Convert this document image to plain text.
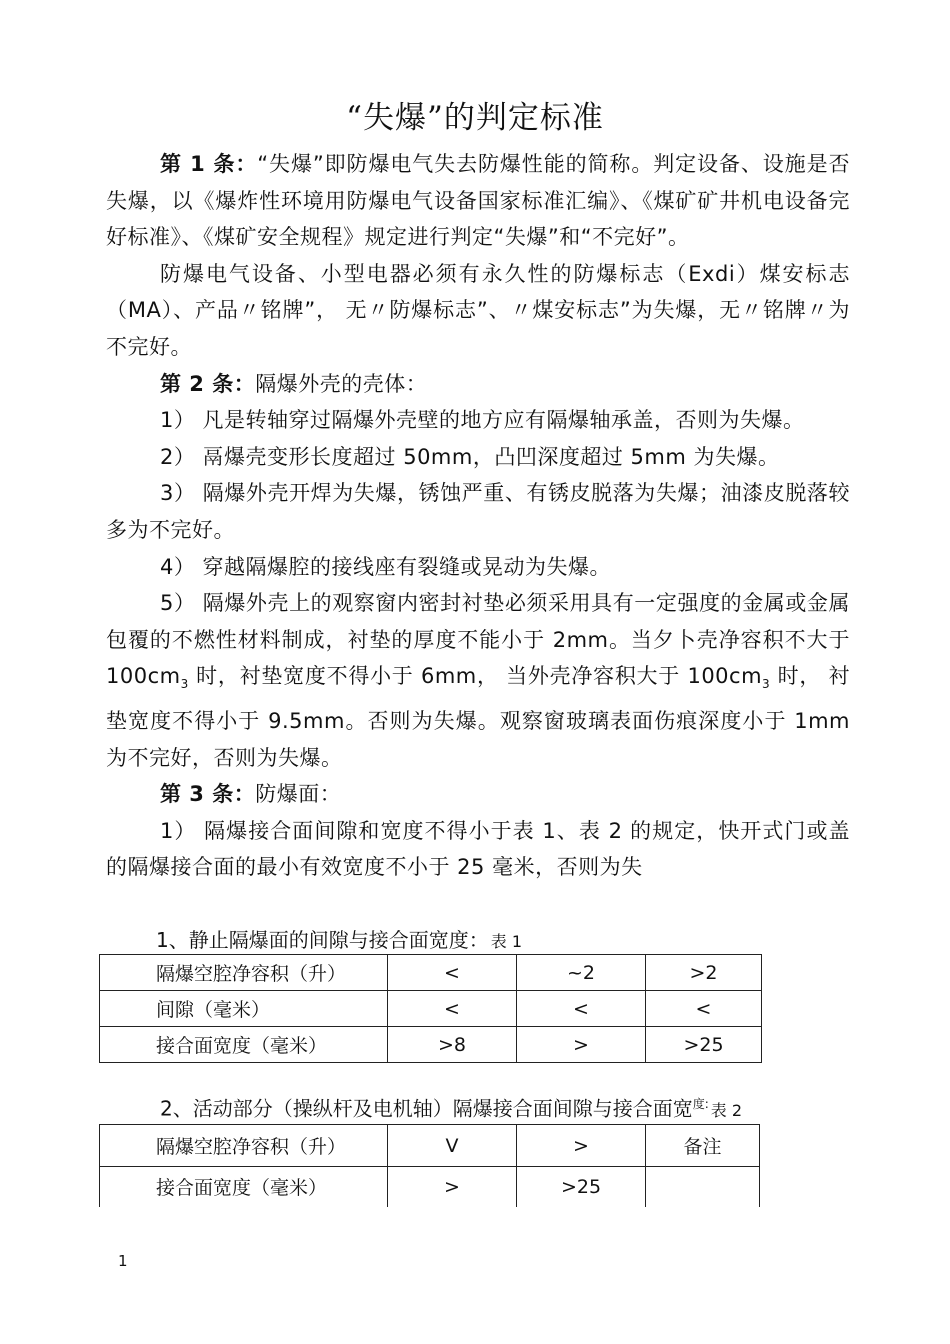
“失爆”的判定标准

第 1 条：“失爆”即防爆电气失去防爆性能的简称。判定设备、设施是否失爆，以《爆炸性环境用防爆电气设备国家标准汇编》、《煤矿矿井机电设备完好标准》、《煤矿安全规程》规定进行判定“失爆”和“不完好”。

防爆电气设备、小型电器必须有永久性的防爆标志（Exdi）煤安标志（MA）、产品〃铭牌”， 无〃防爆标志”、〃煤安标志”为失爆，无〃铭牌〃为不完好。

第 2 条：隔爆外壳的壳体：

1） 凡是转轴穿过隔爆外壳壁的地方应有隔爆轴承盖，否则为失爆。

2） 鬲爆壳变形长度超过 50mm，凸凹深度超过 5mm 为失爆。

3） 隔爆外壳开焊为失爆，锈蚀严重、有锈皮脱落为失爆；油漆皮脱落较多为不完好。

4） 穿越隔爆腔的接线座有裂缝或晃动为失爆。

5） 隔爆外壳上的观察窗内密封衬垫必须采用具有一定强度的金属或金属包覆的不燃性材料制成，衬垫的厚度不能小于 2mm。当夕卜壳净容积不大于 $100cm_3$ 时，衬垫宽度不得小于 6mm， 当外壳净容积大于 $100cm_3$ 时， 衬垫宽度不得小于 9.5mm。否则为失爆。观察窗玻璃表面伤痕深度小于 1mm 为不完好，否则为失爆。

第 3 条：防爆面：

1） 隔爆接合面间隙和宽度不得小于表 1、表 2 的规定，快开式门或盖的隔爆接合面的最小有效宽度不小于 25 毫米，否则为失

1、静止隔爆面的间隙与接合面宽度： 表 1
隔爆空腔净容积（升）	<	~2	>2
间隙（毫米）	<	<	<
接合面宽度（毫米）	>8	>	>25
2、活动部分（操纵杆及电机轴）隔爆接合面间隙与接合面宽$^{度:}$ 表 2
隔爆空腔净容积（升）	V	>	备注
接合面宽度（毫米）	>	>25	
1
